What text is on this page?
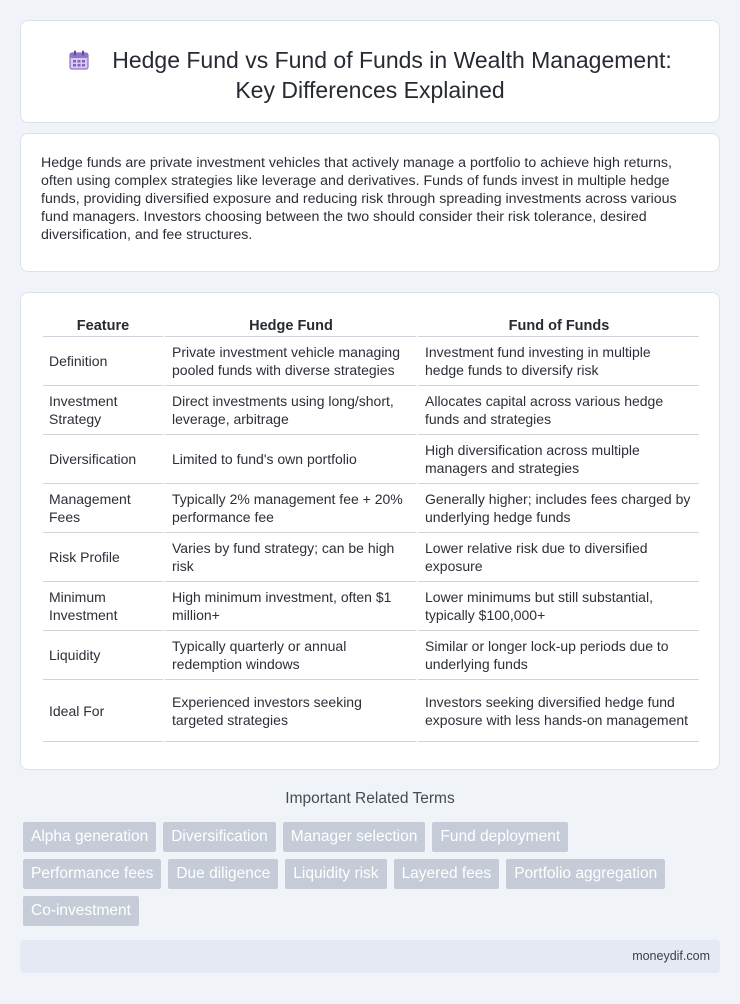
Hedge Fund vs Fund of Funds in Wealth Management:
Key Differences Explained

Hedge funds are private investment vehicles that actively manage a portfolio to achieve high returns, often using complex strategies like leverage and derivatives. Funds of funds invest in multiple hedge funds, providing diversified exposure and reducing risk through spreading investments across various fund managers. Investors choosing between the two should consider their risk tolerance, desired diversification, and fee structures.

Feature	Hedge Fund	Fund of Funds
Definition	Private investment vehicle managing pooled funds with diverse strategies	Investment fund investing in multiple hedge funds to diversify risk
Investment Strategy	Direct investments using long/short, leverage, arbitrage	Allocates capital across various hedge funds and strategies
Diversification	Limited to fund's own portfolio	High diversification across multiple managers and strategies
Management Fees	Typically 2% management fee + 20% performance fee	Generally higher; includes fees charged by underlying hedge funds
Risk Profile	Varies by fund strategy; can be high risk	Lower relative risk due to diversified exposure
Minimum Investment	High minimum investment, often $1 million+	Lower minimums but still substantial, typically $100,000+
Liquidity	Typically quarterly or annual redemption windows	Similar or longer lock-up periods due to underlying funds
Ideal For	Experienced investors seeking targeted strategies	Investors seeking diversified hedge fund exposure with less hands-on management
Important Related Terms
Alpha generation	Diversification	Manager selection	Fund deployment
Performance fees	Due diligence	Liquidity risk	Layered fees	Portfolio aggregation
Co-investment
moneydif.com
